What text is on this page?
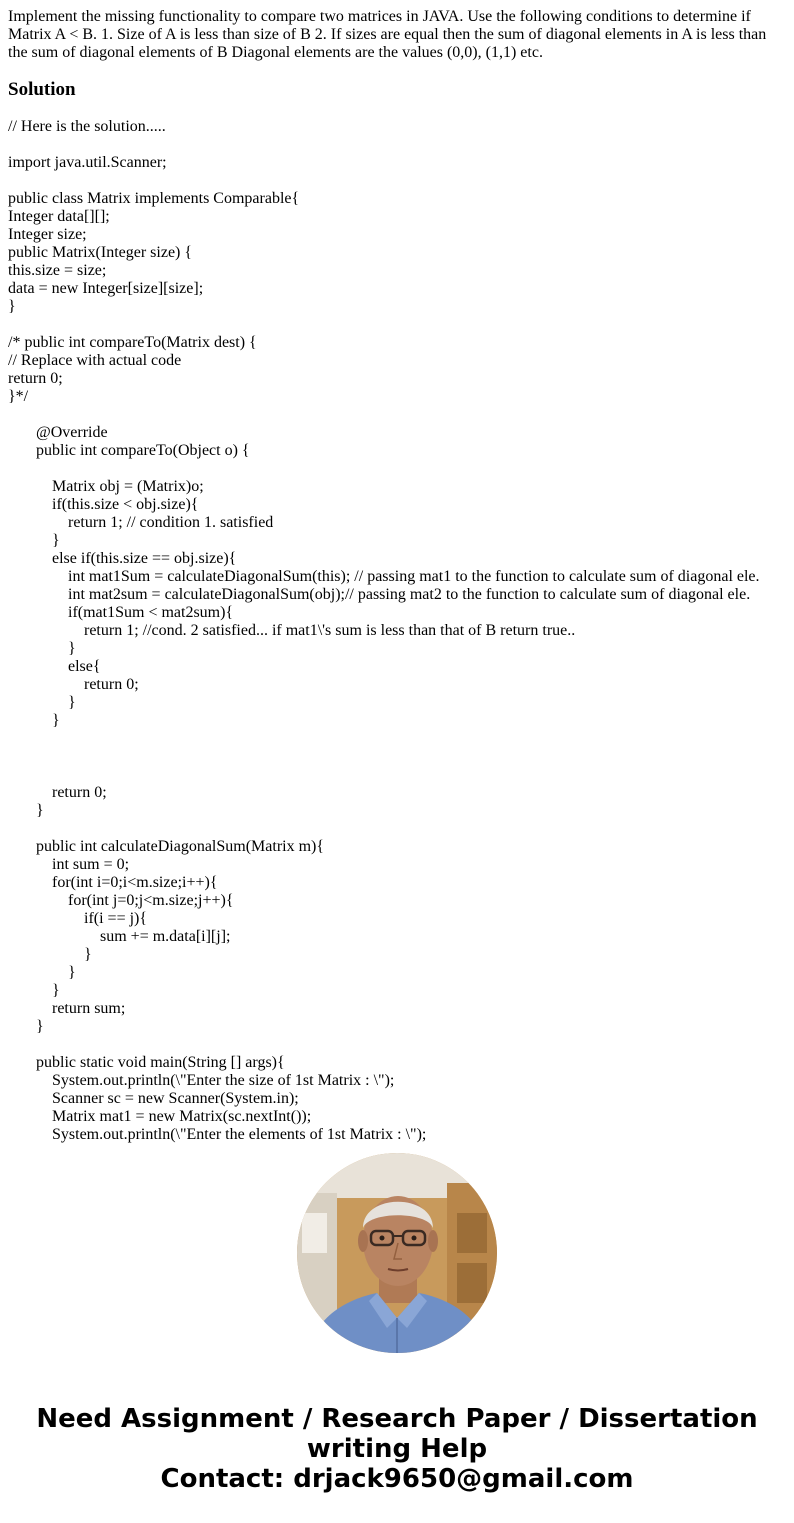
Implement the missing functionality to compare two matrices in JAVA. Use the following conditions to determine if Matrix A < B. 1. Size of A is less than size of B 2. If sizes are equal then the sum of diagonal elements in A is less than the sum of diagonal elements of B Diagonal elements are the values (0,0), (1,1) etc.

Solution
// Here is the solution.....
import java.util.Scanner;
public class Matrix implements Comparable{
Integer data[][];
Integer size;
public Matrix(Integer size) {
this.size = size;
data = new Integer[size][size];
}
/* public int compareTo(Matrix dest) {
// Replace with actual code
return 0;
}*/
@Override
public int compareTo(Object o) {
Matrix obj = (Matrix)o;
if(this.size < obj.size){
return 1; // condition 1. satisfied
}
else if(this.size == obj.size){
int mat1Sum = calculateDiagonalSum(this); // passing mat1 to the function to calculate sum of diagonal ele.
int mat2sum = calculateDiagonalSum(obj);// passing mat2 to the function to calculate sum of diagonal ele.
if(mat1Sum < mat2sum){
return 1; //cond. 2 satisfied... if mat1\'s sum is less than that of B return true..
}
else{
return 0;
}
}
return 0;
}
public int calculateDiagonalSum(Matrix m){
int sum = 0;
for(int i=0;i<m.size;i++){
for(int j=0;j<m.size;j++){
if(i == j){
sum += m.data[i][j];
}
}
}
return sum;
}
public static void main(String [] args){
System.out.println(\"Enter the size of 1st Matrix : \");
Scanner sc = new Scanner(System.in);
Matrix mat1 = new Matrix(sc.nextInt());
System.out.println(\"Enter the elements of 1st Matrix : \");
Need Assignment / Research Paper / Dissertation
writing Help
Contact: drjack9650@gmail.com
